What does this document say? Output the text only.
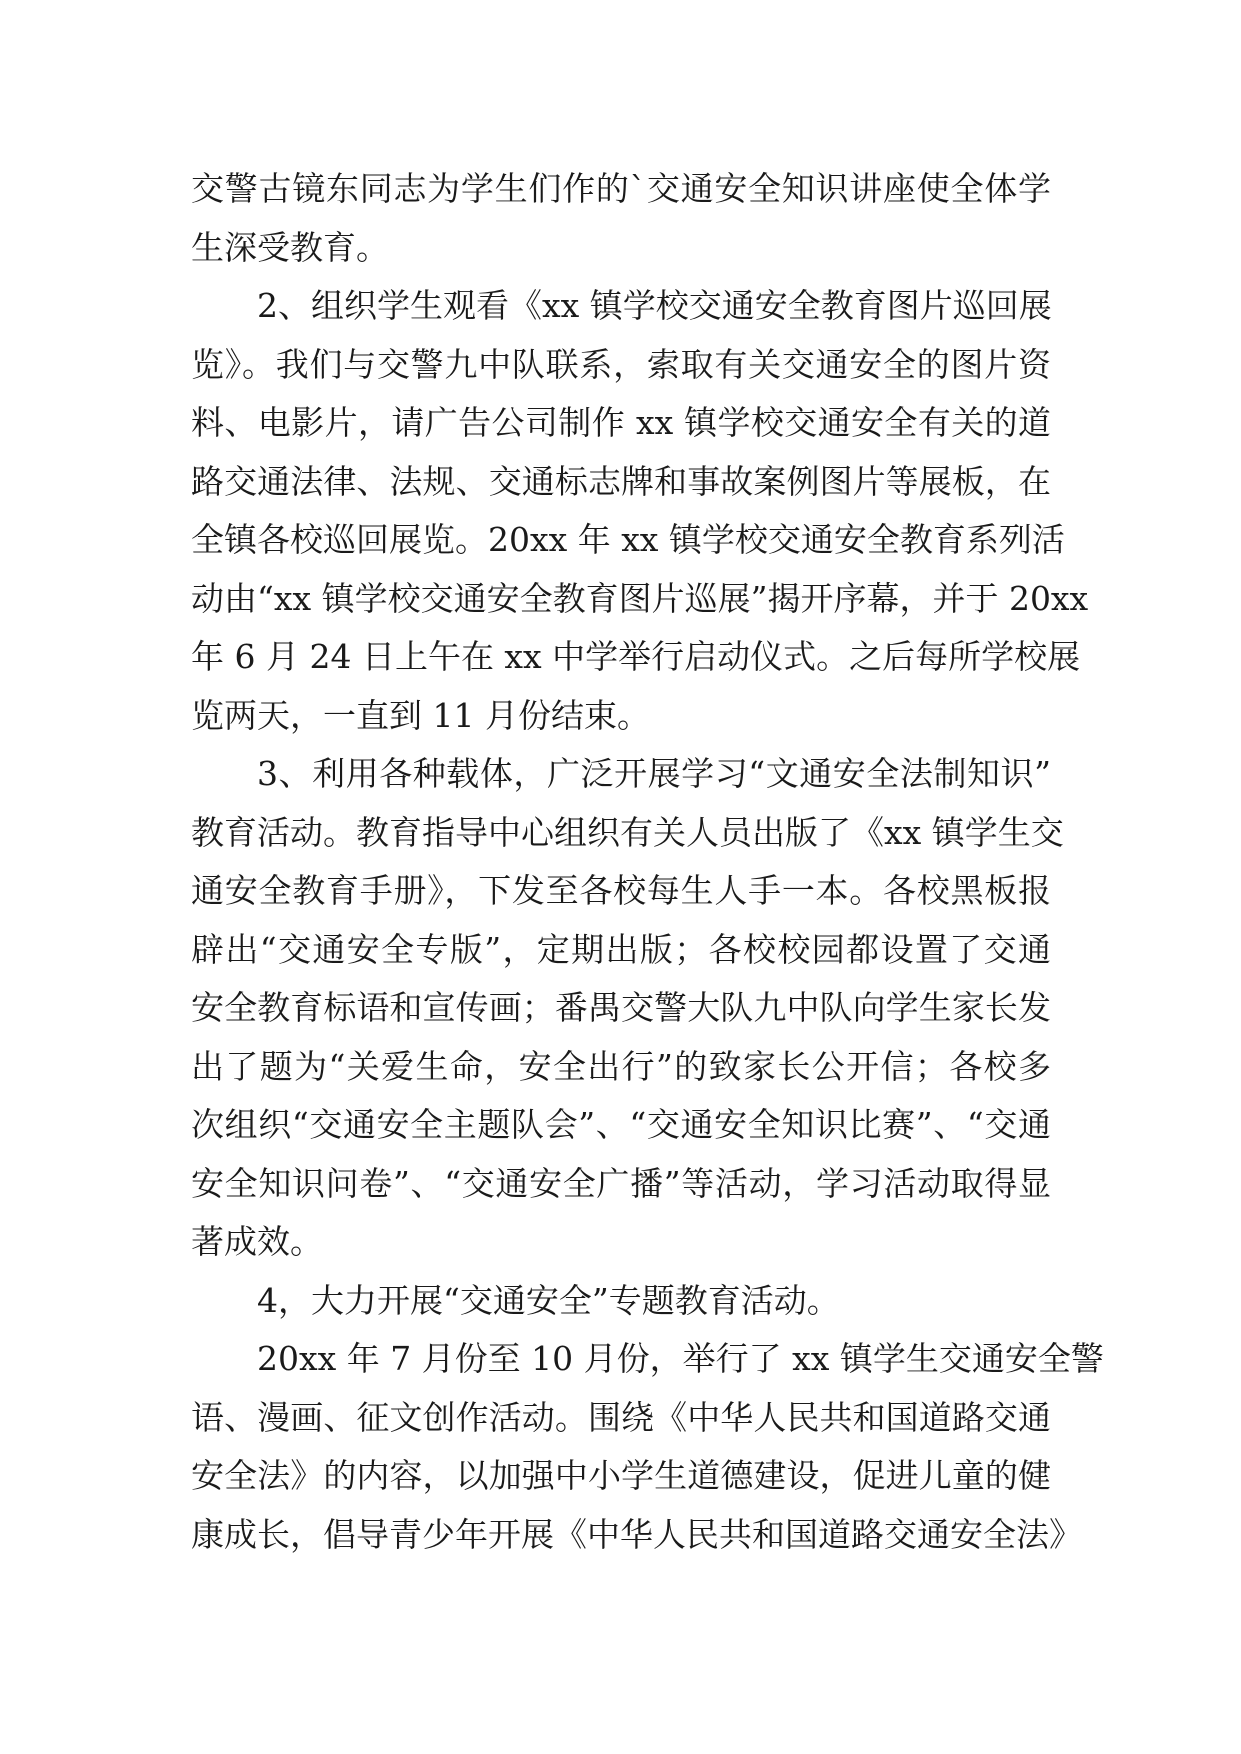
交警古镜东同志为学生们作的`交通安全知识讲座使全体学
生深受教育。
2、组织学生观看《xx 镇学校交通安全教育图片巡回展
览》。我们与交警九中队联系，索取有关交通安全的图片资
料、电影片，请广告公司制作 xx 镇学校交通安全有关的道
路交通法律、法规、交通标志牌和事故案例图片等展板，在
全镇各校巡回展览。20xx 年 xx 镇学校交通安全教育系列活
动由“xx 镇学校交通安全教育图片巡展”揭开序幕，并于 20xx
年 6 月 24 日上午在 xx 中学举行启动仪式。之后每所学校展
览两天，一直到 11 月份结束。
3、利用各种载体，广泛开展学习“文通安全法制知识”
教育活动。教育指导中心组织有关人员出版了《xx 镇学生交
通安全教育手册》，下发至各校每生人手一本。各校黑板报
辟出“交通安全专版”，定期出版；各校校园都设置了交通
安全教育标语和宣传画；番禺交警大队九中队向学生家长发
出了题为“关爱生命，安全出行”的致家长公开信；各校多
次组织“交通安全主题队会”、“交通安全知识比赛”、“交通
安全知识问卷”、“交通安全广播”等活动，学习活动取得显
著成效。
4，大力开展“交通安全”专题教育活动。
20xx 年 7 月份至 10 月份，举行了 xx 镇学生交通安全警
语、漫画、征文创作活动。围绕《中华人民共和国道路交通
安全法》的内容，以加强中小学生道德建设，促进儿童的健
康成长，倡导青少年开展《中华人民共和国道路交通安全法》
